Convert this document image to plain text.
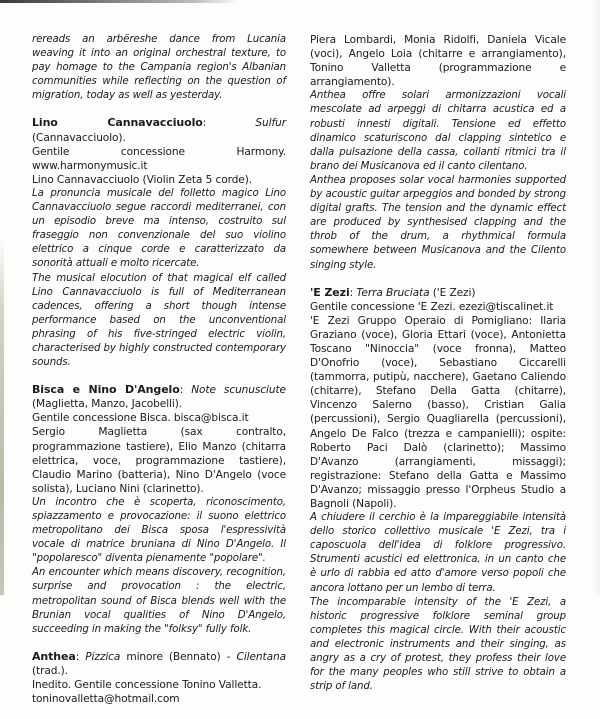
rereads an arbëreshe dance from Lucania weaving it into an original orchestral texture, to pay homage to the Campania region's Albanian communities while reflecting on the question of migration, today as well as yesterday.

Lino Cannavacciuolo: Sulfur (Cannavacciuolo).

Gentile concessione Harmony. www.harmonymusic.it

Lino Cannavacciuolo (Violin Zeta 5 corde).

La pronuncia musicale del folletto magico Lino Cannavacciuolo segue raccordi mediterranei, con un episodio breve ma intenso, costruito sul fraseggio non convenzionale del suo violino elettrico a cinque corde e caratterizzato da sonorità attuali e molto ricercate.

The musical elocution of that magical elf called Lino Cannavacciuolo is full of Mediterranean cadences, offering a short though intense performance based on the unconventional phrasing of his five-stringed electric violin, characterised by highly constructed contemporary sounds.

Bisca e Nino D'Angelo: Note scunusciute (Maglietta, Manzo, Jacobelli).

Gentile concessione Bisca. bisca@bisca.it

Sergio Maglietta (sax contralto, programmazione tastiere), Elio Manzo (chitarra elettrica, voce, programmazione tastiere), Claudio Marino (batteria), Nino D'Angelo (voce solista), Luciano Nini (clarinetto).

Un incontro che è scoperta, riconoscimento, spiazzamento e provocazione: il suono elettrico metropolitano dei Bisca sposa l'espressività vocale di matrice bruniana di Nino D'Angelo. Il "popolaresco" diventa pienamente "popolare".

An encounter which means discovery, recognition, surprise and provocation : the electric, metropolitan sound of Bisca blends well with the Brunian vocal qualities of Nino D'Angelo, succeeding in making the "folksy" fully folk.

Anthea: Pizzica minore (Bennato) - Cilentana (trad.).

Inedito. Gentile concessione Tonino Valletta.

toninovalletta@hotmail.com

Piera Lombardi, Monia Ridolfi, Daniela Vicale (voci), Angelo Loia (chitarre e arrangiamento), Tonino Valletta (programmazione e arrangiamento).

Anthea offre solari armonizzazioni vocali mescolate ad arpeggi di chitarra acustica ed a robusti innesti digitali. Tensione ed effetto dinamico scaturiscono dal clapping sintetico e dalla pulsazione della cassa, collanti ritmici tra il brano dei Musicanova ed il canto cilentano.

Anthea proposes solar vocal harmonies supported by acoustic guitar arpeggios and bonded by strong digital grafts. The tension and the dynamic effect are produced by synthesised clapping and the throb of the drum, a rhythmical formula somewhere between Musicanova and the Cilento singing style.

'E Zezi: Terra Bruciata ('E Zezi)

Gentile concessione 'E Zezi. ezezi@tiscalinet.it

'E Zezi Gruppo Operaio di Pomigliano: Ilaria Graziano (voce), Gloria Ettari (voce), Antonietta Toscano "Ninoccia" (voce fronna), Matteo D'Onofrio (voce), Sebastiano Ciccarelli (tammorra, putipù, nacchere), Gaetano Caliendo (chitarre), Stefano Della Gatta (chitarre), Vincenzo Salerno (basso), Cristian Galia (percussioni), Sergio Quagliarella (percussioni), Angelo De Falco (trezza e campanielli); ospite: Roberto Paci Dalò (clarinetto); Massimo D'Avanzo (arrangiamenti, missaggi); registrazione: Stefano della Gatta e Massimo D'Avanzo; missaggio presso l'Orpheus Studio a Bagnoli (Napoli).

A chiudere il cerchio è la impareggiabile intensità dello storico collettivo musicale 'E Zezi, tra i caposcuola dell'idea di folklore progressivo. Strumenti acustici ed elettronica, in un canto che è urlo di rabbia ed atto d'amore verso popoli che ancora lottano per un lembo di terra.

The incomparable intensity of the 'E Zezi, a historic progressive folklore seminal group completes this magical circle. With their acoustic and electronic instruments and their singing, as angry as a cry of protest, they profess their love for the many peoples who still strive to obtain a strip of land.
